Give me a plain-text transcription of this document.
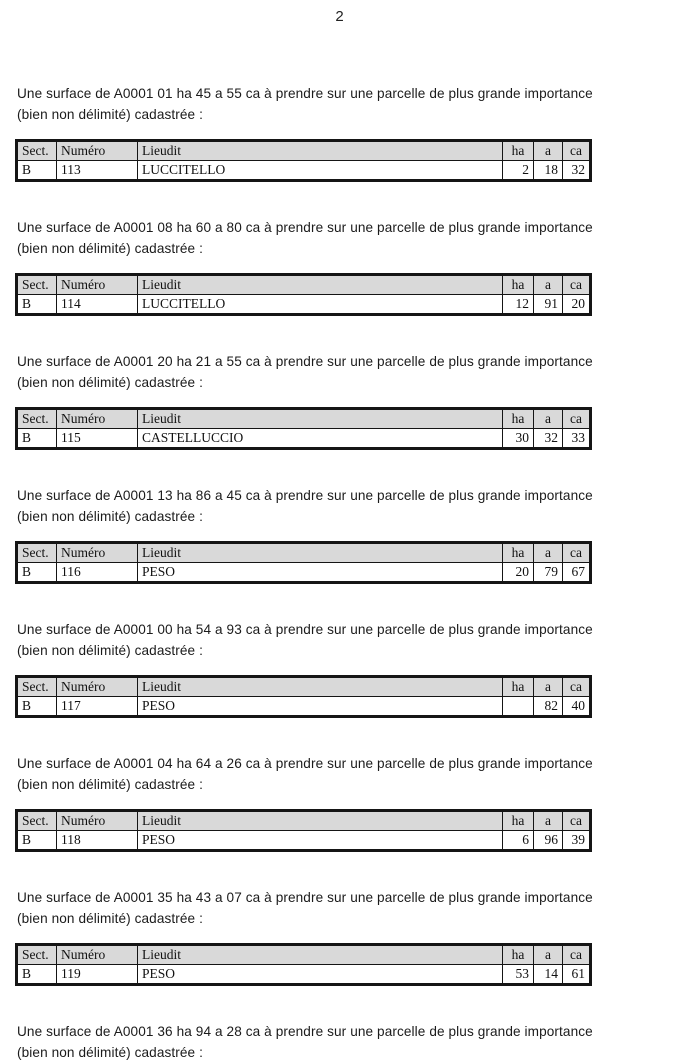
2

Une surface de A0001 01 ha 45 a 55 ca à prendre sur une parcelle de plus grande importance
(bien non délimité) cadastrée :

Sect.	Numéro	Lieudit	ha	a	ca
B	113	LUCCITELLO	2	18	32

Une surface de A0001 08 ha 60 a 80 ca à prendre sur une parcelle de plus grande importance
(bien non délimité) cadastrée :

Sect.	Numéro	Lieudit	ha	a	ca
B	114	LUCCITELLO	12	91	20

Une surface de A0001 20 ha 21 a 55 ca à prendre sur une parcelle de plus grande importance
(bien non délimité) cadastrée :

Sect.	Numéro	Lieudit	ha	a	ca
B	115	CASTELLUCCIO	30	32	33

Une surface de A0001 13 ha 86 a 45 ca à prendre sur une parcelle de plus grande importance
(bien non délimité) cadastrée :

Sect.	Numéro	Lieudit	ha	a	ca
B	116	PESO	20	79	67

Une surface de A0001 00 ha 54 a 93 ca à prendre sur une parcelle de plus grande importance
(bien non délimité) cadastrée :

Sect.	Numéro	Lieudit	ha	a	ca
B	117	PESO		82	40

Une surface de A0001 04 ha 64 a 26 ca à prendre sur une parcelle de plus grande importance
(bien non délimité) cadastrée :

Sect.	Numéro	Lieudit	ha	a	ca
B	118	PESO	6	96	39

Une surface de A0001 35 ha 43 a 07 ca à prendre sur une parcelle de plus grande importance
(bien non délimité) cadastrée :

Sect.	Numéro	Lieudit	ha	a	ca
B	119	PESO	53	14	61

Une surface de A0001 36 ha 94 a 28 ca à prendre sur une parcelle de plus grande importance
(bien non délimité) cadastrée :
